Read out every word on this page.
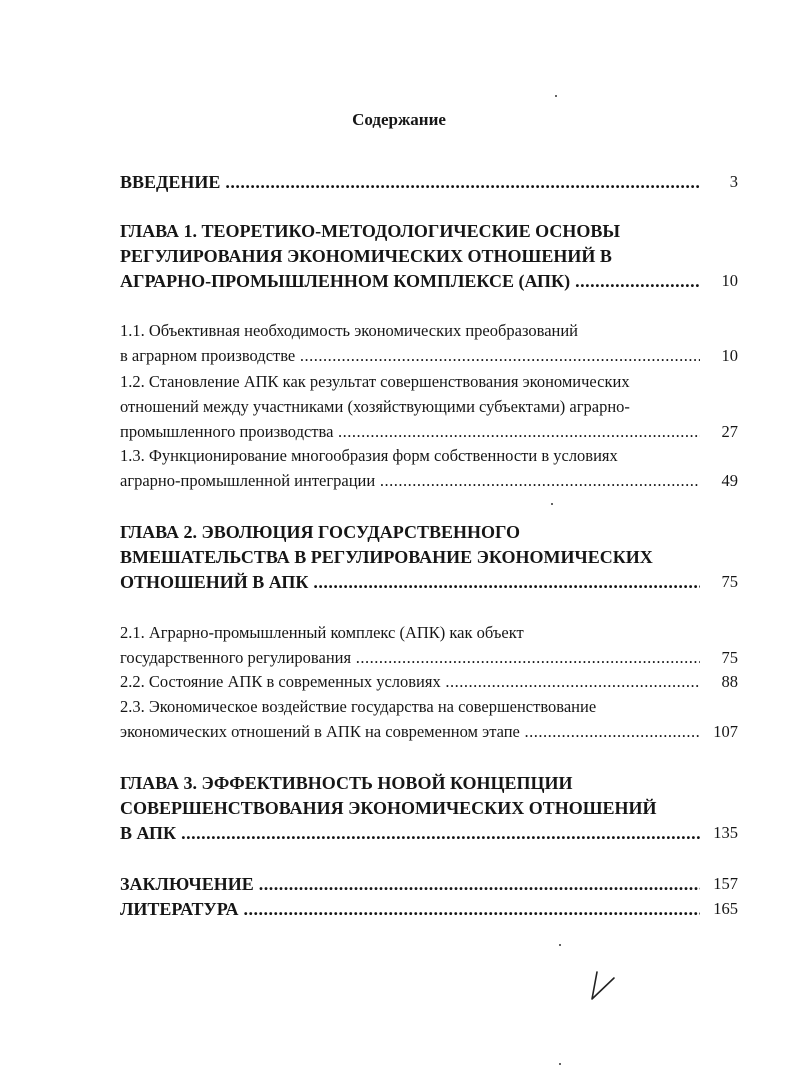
Содержание
ВВЕДЕНИЕ .....	3
ГЛАВА 1. ТЕОРЕТИКО-МЕТОДОЛОГИЧЕСКИЕ ОСНОВЫ
РЕГУЛИРОВАНИЯ ЭКОНОМИЧЕСКИХ ОТНОШЕНИЙ В
АГРАРНО-ПРОМЫШЛЕННОМ КОМПЛЕКСЕ (АПК) .....	10
1.1. Объективная необходимость экономических преобразований
в аграрном производстве .....	10
1.2. Становление АПК как результат совершенствования экономических
отношений между участниками (хозяйствующими субъектами) аграрно-
промышленного производства .....	27
1.3. Функционирование многообразия форм собственности в условиях
аграрно-промышленной интеграции .....	49
ГЛАВА 2. ЭВОЛЮЦИЯ ГОСУДАРСТВЕННОГО
ВМЕШАТЕЛЬСТВА В РЕГУЛИРОВАНИЕ ЭКОНОМИЧЕСКИХ
ОТНОШЕНИЙ В АПК .....	75
2.1. Аграрно-промышленный комплекс (АПК) как объект
государственного регулирования .....	75
2.2. Состояние АПК в современных условиях .....	88
2.3. Экономическое воздействие государства на совершенствование
экономических отношений в АПК на современном этапе .....	107
ГЛАВА 3. ЭФФЕКТИВНОСТЬ НОВОЙ КОНЦЕПЦИИ
СОВЕРШЕНСТВОВАНИЯ ЭКОНОМИЧЕСКИХ ОТНОШЕНИЙ
В АПК .....	135
ЗАКЛЮЧЕНИЕ .....	157
ЛИТЕРАТУРА .....	165
